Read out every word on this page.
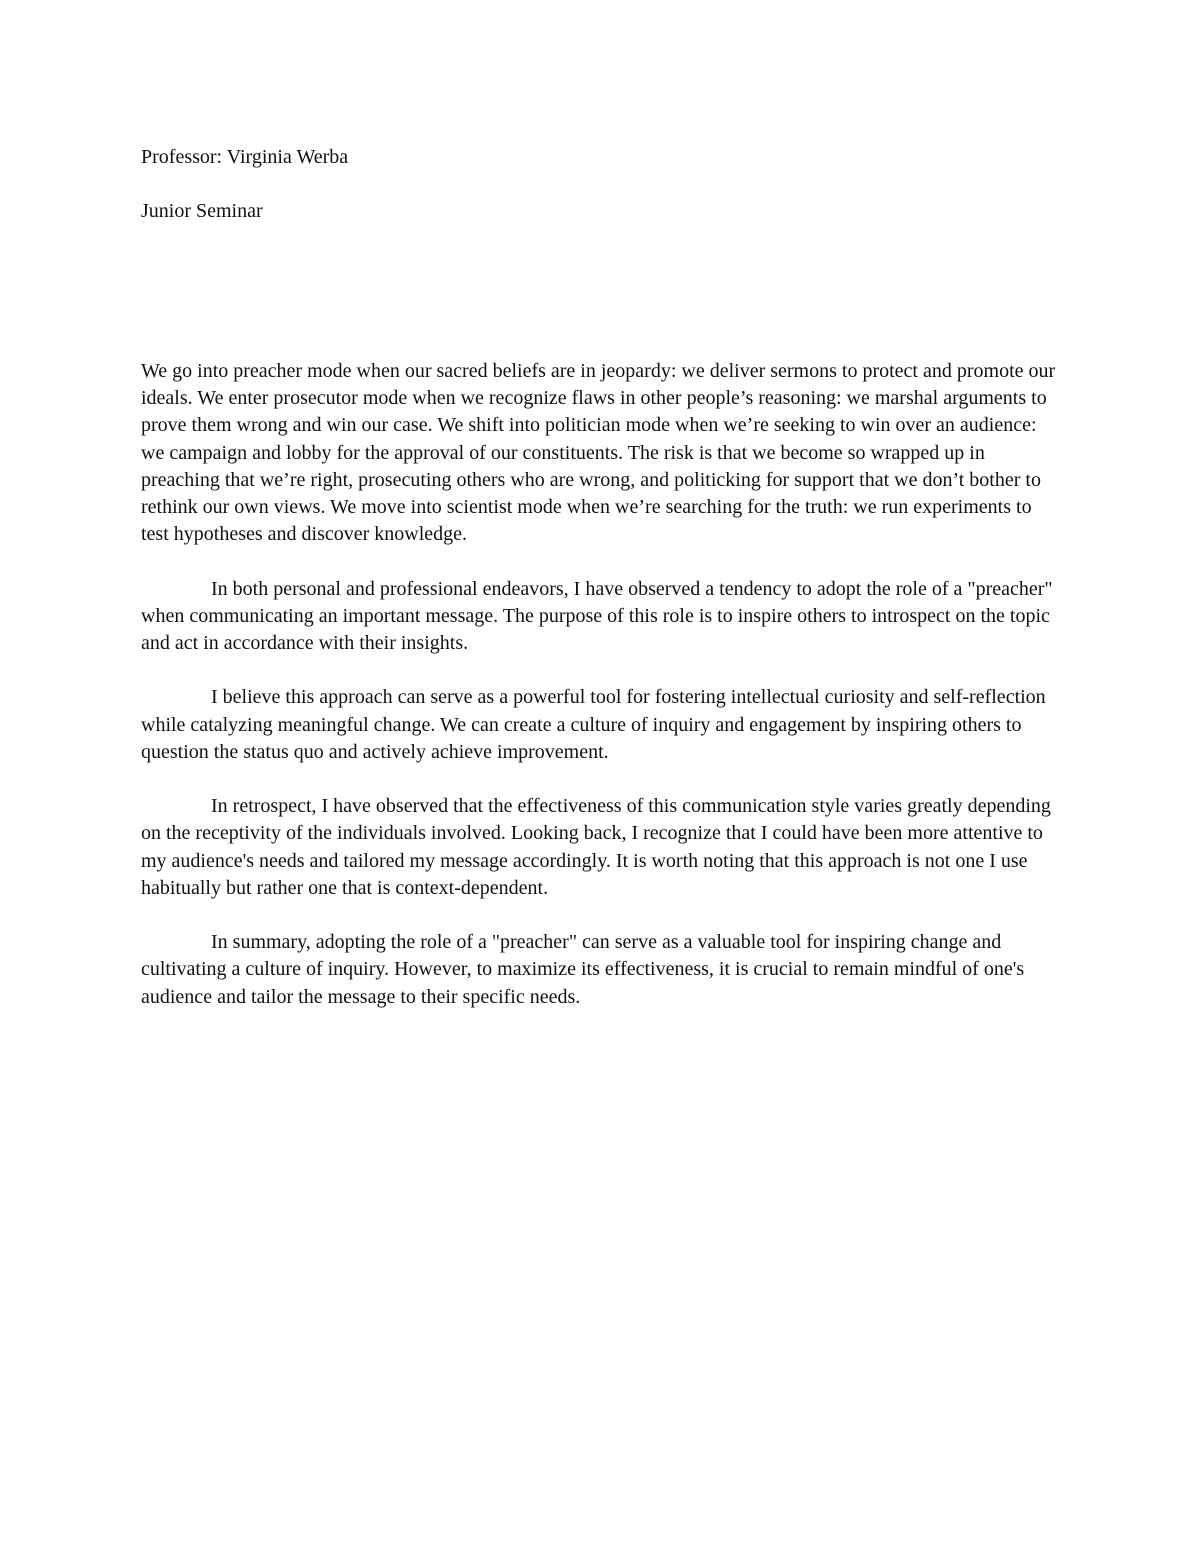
Professor: Virginia Werba
Junior Seminar

We go into preacher mode when our sacred beliefs are in jeopardy: we deliver sermons to protect and promote our ideals. We enter prosecutor mode when we recognize flaws in other people’s reasoning: we marshal arguments to prove them wrong and win our case. We shift into politician mode when we’re seeking to win over an audience: we campaign and lobby for the approval of our constituents. The risk is that we become so wrapped up in preaching that we’re right, prosecuting others who are wrong, and politicking for support that we don’t bother to rethink our own views. We move into scientist mode when we’re searching for the truth: we run experiments to test hypotheses and discover knowledge.

In both personal and professional endeavors, I have observed a tendency to adopt the role of a "preacher" when communicating an important message. The purpose of this role is to inspire others to introspect on the topic and act in accordance with their insights.

I believe this approach can serve as a powerful tool for fostering intellectual curiosity and self-reflection while catalyzing meaningful change. We can create a culture of inquiry and engagement by inspiring others to question the status quo and actively achieve improvement.

In retrospect, I have observed that the effectiveness of this communication style varies greatly depending on the receptivity of the individuals involved. Looking back, I recognize that I could have been more attentive to my audience's needs and tailored my message accordingly. It is worth noting that this approach is not one I use habitually but rather one that is context-dependent.

In summary, adopting the role of a "preacher" can serve as a valuable tool for inspiring change and cultivating a culture of inquiry. However, to maximize its effectiveness, it is crucial to remain mindful of one's audience and tailor the message to their specific needs.
